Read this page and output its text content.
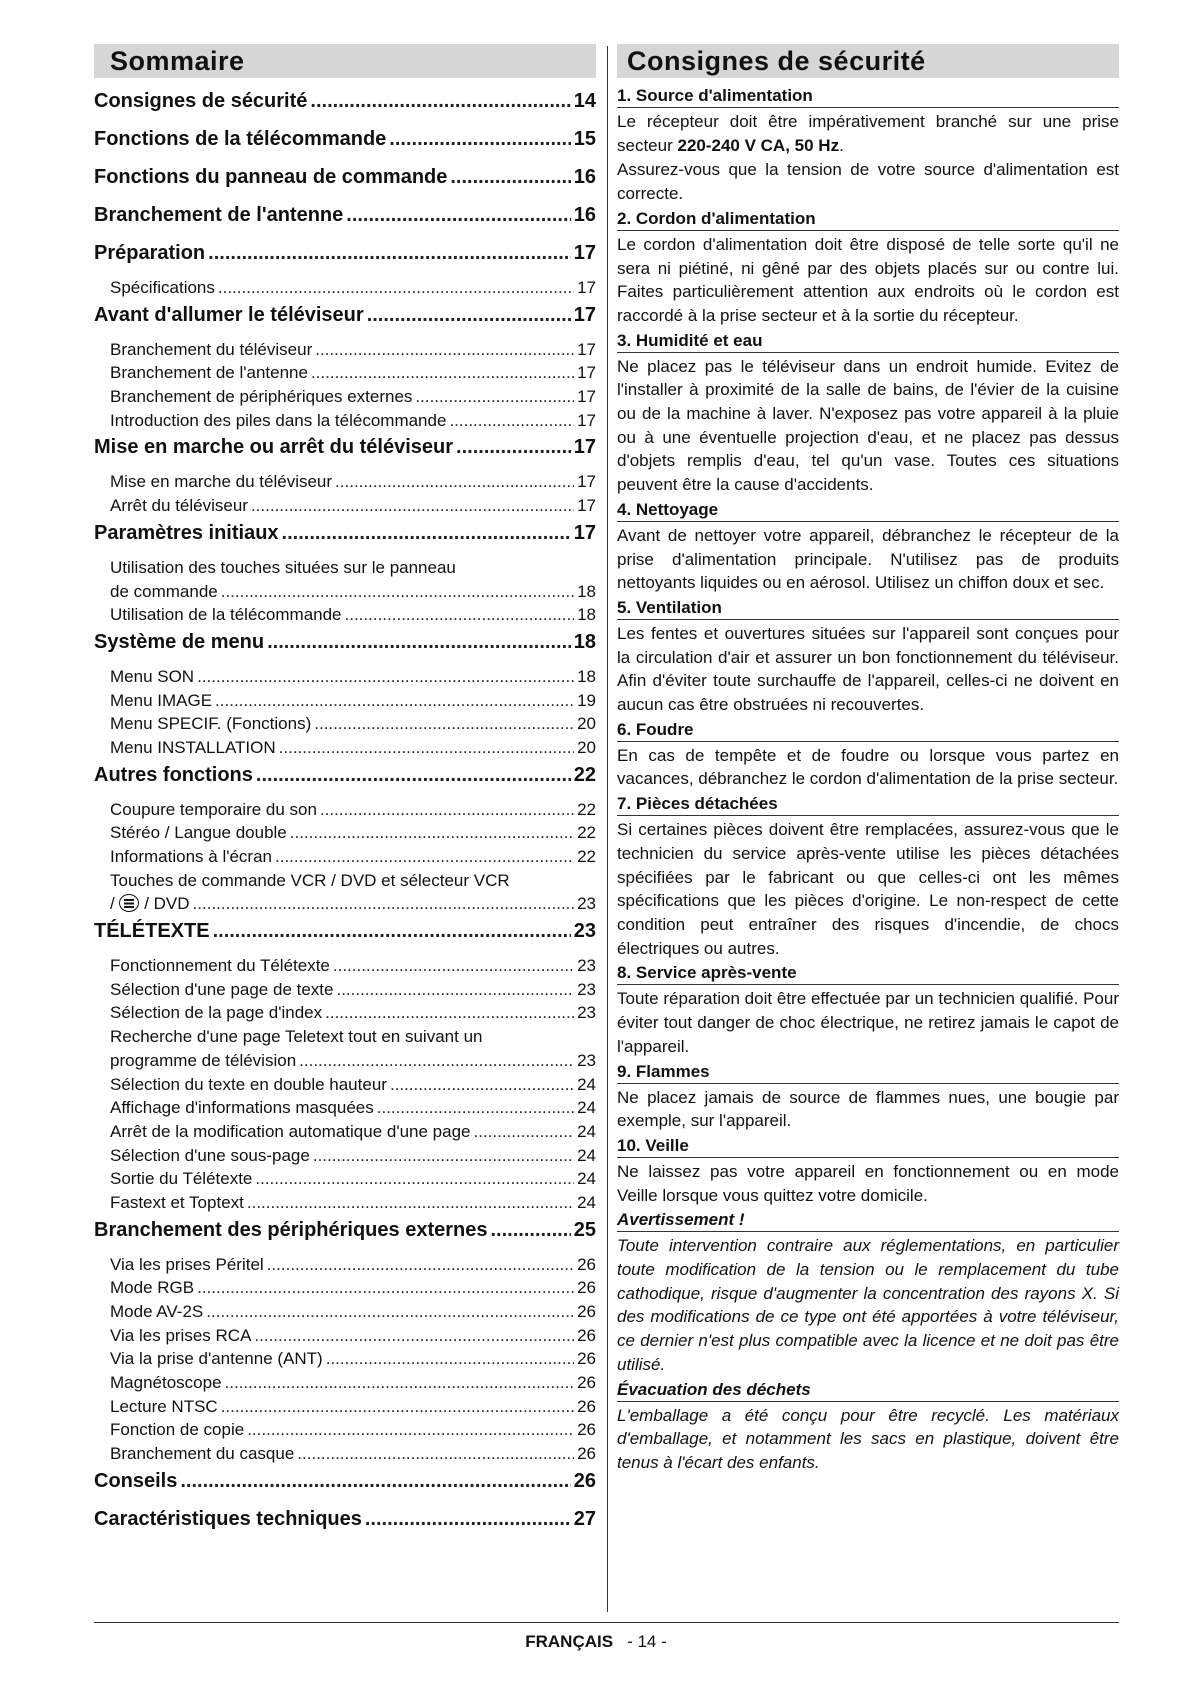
Sommaire
Consignes de sécurité .....	14
Fonctions de la télécommande .....	15
Fonctions du panneau de commande .....	16
Branchement de l'antenne .....	16
Préparation .....	17
Spécifications .....	17
Avant d'allumer le téléviseur .....	17
Branchement du téléviseur .....	17
Branchement de l'antenne .....	17
Branchement de périphériques externes .....	17
Introduction des piles dans la télécommande .....	17
Mise en marche ou arrêt du téléviseur .....	17
Mise en marche du téléviseur .....	17
Arrêt du téléviseur .....	17
Paramètres initiaux .....	17
Utilisation des touches situées sur le panneau
de commande .....	18
Utilisation de la télécommande .....	18
Système de menu .....	18
Menu SON .....	18
Menu IMAGE .....	19
Menu SPECIF. (Fonctions) .....	20
Menu INSTALLATION .....	20
Autres fonctions .....	22
Coupure temporaire du son .....	22
Stéréo / Langue double .....	22
Informations à l'écran .....	22
Touches de commande VCR / DVD et sélecteur VCR
/ / DVD .....	23
TÉLÉTEXTE .....	23
Fonctionnement du Télétexte .....	23
Sélection d'une page de texte .....	23
Sélection de la page d'index .....	23
Recherche d'une page Teletext tout en suivant un
programme de télévision .....	23
Sélection du texte en double hauteur .....	24
Affichage d'informations masquées .....	24
Arrêt de la modification automatique d'une page .....	24
Sélection d'une sous-page .....	24
Sortie du Télétexte .....	24
Fastext et Toptext .....	24
Branchement des périphériques externes .....	25
Via les prises Péritel .....	26
Mode RGB .....	26
Mode AV-2S .....	26
Via les prises RCA .....	26
Via la prise d'antenne (ANT) .....	26
Magnétoscope .....	26
Lecture NTSC .....	26
Fonction de copie .....	26
Branchement du casque .....	26
Conseils .....	26
Caractéristiques techniques .....	27
Consignes de sécurité
1. Source d'alimentation

Le récepteur doit être impérativement branché sur une prise secteur 220-240 V CA, 50 Hz.

Assurez-vous que la tension de votre source d'alimentation est correcte.

2. Cordon d'alimentation

Le cordon d'alimentation doit être disposé de telle sorte qu'il ne sera ni piétiné, ni gêné par des objets placés sur ou contre lui. Faites particulièrement attention aux endroits où le cordon est raccordé à la prise secteur et à la sortie du récepteur.

3. Humidité et eau

Ne placez pas le téléviseur dans un endroit humide. Evitez de l'installer à proximité de la salle de bains, de l'évier de la cuisine ou de la machine à laver. N'exposez pas votre appareil à la pluie ou à une éventuelle projection d'eau, et ne placez pas dessus d'objets remplis d'eau, tel qu'un vase. Toutes ces situations peuvent être la cause d'accidents.

4. Nettoyage

Avant de nettoyer votre appareil, débranchez le récepteur de la prise d'alimentation principale. N'utilisez pas de produits nettoyants liquides ou en aérosol. Utilisez un chiffon doux et sec.

5. Ventilation

Les fentes et ouvertures situées sur l'appareil sont conçues pour la circulation d'air et assurer un bon fonctionnement du téléviseur. Afin d'éviter toute surchauffe de l'appareil, celles-ci ne doivent en aucun cas être obstruées ni recouvertes.

6. Foudre

En cas de tempête et de foudre ou lorsque vous partez en vacances, débranchez le cordon d'alimentation de la prise secteur.

7. Pièces détachées

Si certaines pièces doivent être remplacées, assurez-vous que le technicien du service après-vente utilise les pièces détachées spécifiées par le fabricant ou que celles-ci ont les mêmes spécifications que les pièces d'origine. Le non-respect de cette condition peut entraîner des risques d'incendie, de chocs électriques ou autres.

8. Service après-vente

Toute réparation doit être effectuée par un technicien qualifié. Pour éviter tout danger de choc électrique, ne retirez jamais le capot de l'appareil.

9. Flammes

Ne placez jamais de source de flammes nues, une bougie par exemple, sur l'appareil.

10. Veille

Ne laissez pas votre appareil en fonctionnement ou en mode Veille lorsque vous quittez votre domicile.

Avertissement !

Toute intervention contraire aux réglementations, en particulier toute modification de la tension ou le remplacement du tube cathodique, risque d'augmenter la concentration des rayons X. Si des modifications de ce type ont été apportées à votre téléviseur, ce dernier n'est plus compatible avec la licence et ne doit pas être utilisé.

Évacuation des déchets

L'emballage a été conçu pour être recyclé. Les matériaux d'emballage, et notamment les sacs en plastique, doivent être tenus à l'écart des enfants.

FRANÇAIS - 14 -
